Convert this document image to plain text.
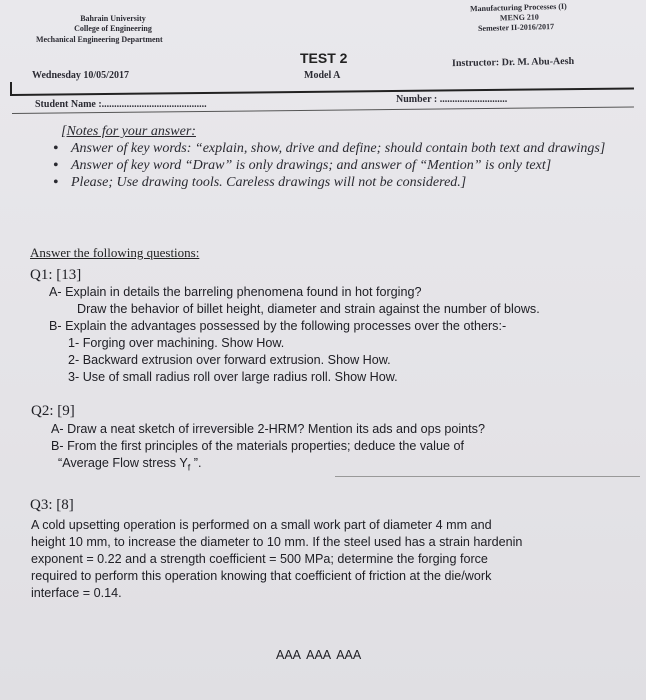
Bahrain University
College of Engineering
Mechanical Engineering Department
Manufacturing Processes (I)
MENG 210
Semester II-2016/2017
TEST 2
Model A
Wednesday 10/05/2017
Instructor: Dr. M. Abu-Aesh
Student Name :..........................................	Number : ...........................
[Notes for your answer:
• Answer of key words: “explain, show, drive and define; should contain both text and drawings]
• Answer of key word “Draw” is only drawings; and answer of “Mention” is only text]
• Please; Use drawing tools. Careless drawings will not be considered.]
Answer the following questions:
Q1: [13]
A- Explain in details the barreling phenomena found in hot forging?
Draw the behavior of billet height, diameter and strain against the number of blows.
B- Explain the advantages possessed by the following processes over the others:-
1- Forging over machining. Show How.
2- Backward extrusion over forward extrusion. Show How.
3- Use of small radius roll over large radius roll. Show How.
Q2: [9]
A- Draw a neat sketch of irreversible 2-HRM? Mention its ads and ops points?
B- From the first principles of the materials properties; deduce the value of
“Average Flow stress $Y_f$ ”.
Q3: [8]
A cold upsetting operation is performed on a small work part of diameter 4 mm and
height 10 mm, to increase the diameter to 10 mm. If the steel used has a strain hardenin
exponent = 0.22 and a strength coefficient = 500 MPa; determine the forging force
required to perform this operation knowing that coefficient of friction at the die/work
interface = 0.14.
AAA AAA AAA
